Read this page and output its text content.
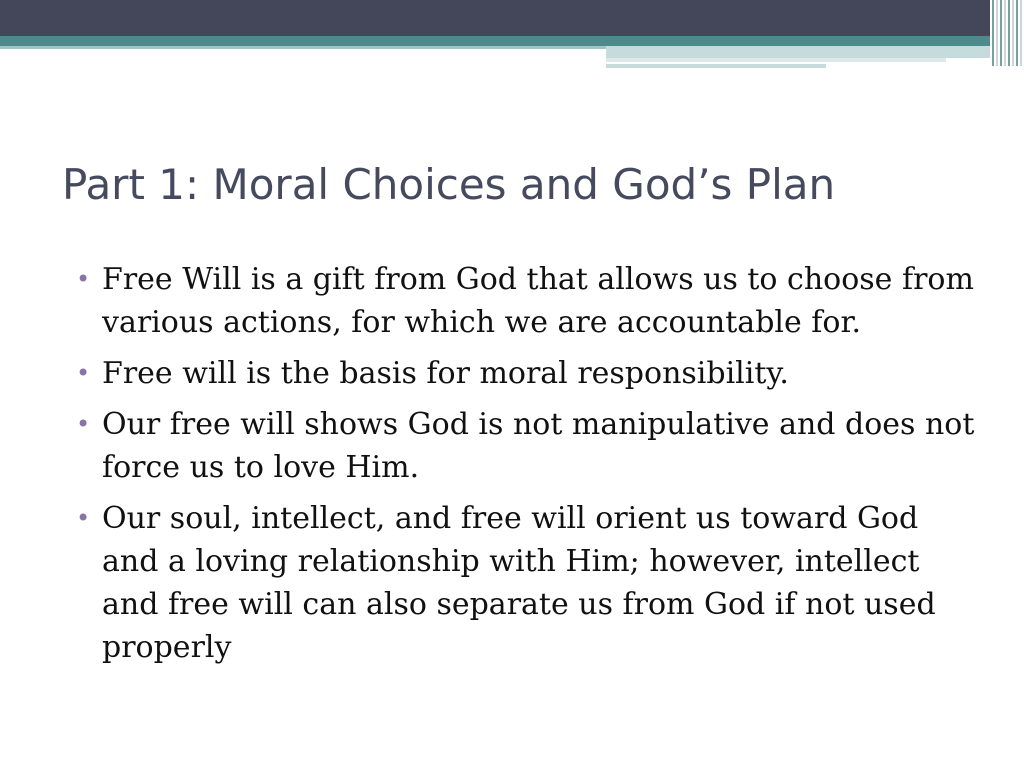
Part 1: Moral Choices and God’s Plan
• Free Will is a gift from God that allows us to choose from various actions, for which we are accountable for.
• Free will is the basis for moral responsibility.
• Our free will shows God is not manipulative and does not force us to love Him.
• Our soul, intellect, and free will orient us toward God and a loving relationship with Him; however, intellect and free will can also separate us from God if not used properly
